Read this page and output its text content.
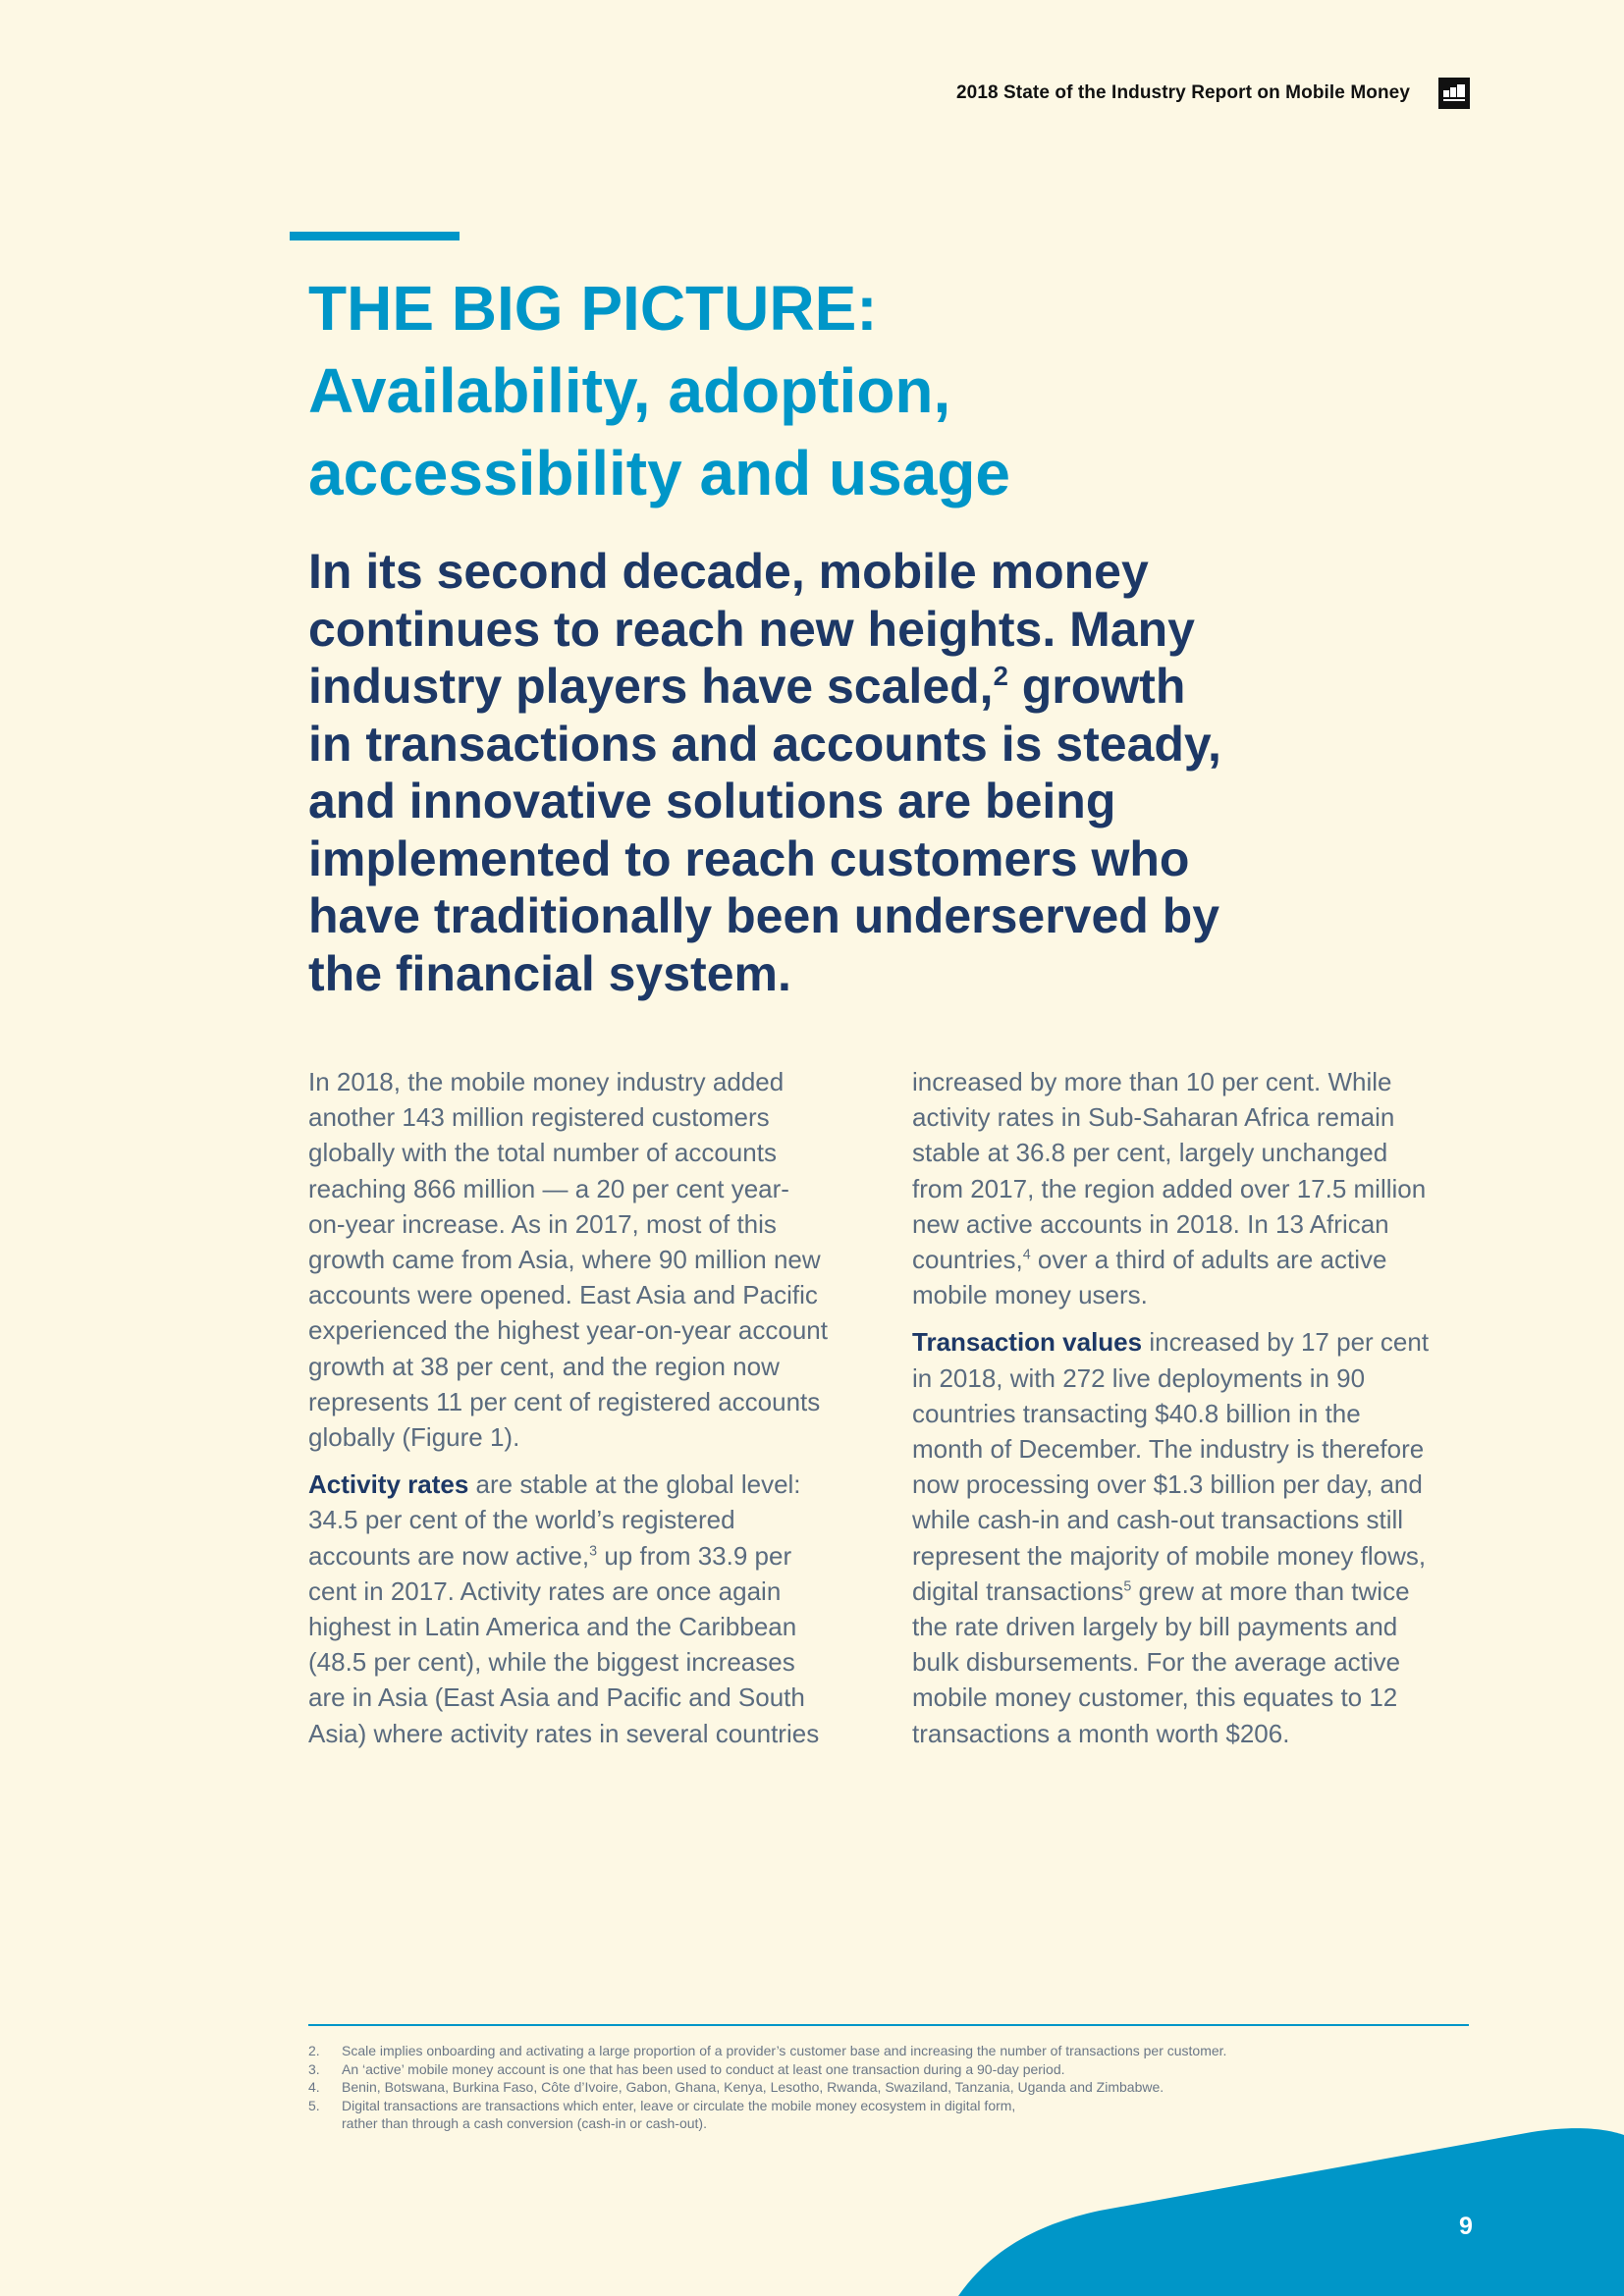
2018 State of the Industry Report on Mobile Money
THE BIG PICTURE:
Availability, adoption,
accessibility and usage
In its second decade, mobile money
continues to reach new heights. Many
industry players have scaled,$^2$ growth
in transactions and accounts is steady,
and innovative solutions are being
implemented to reach customers who
have traditionally been underserved by
the financial system.

In 2018, the mobile money industry added
another 143 million registered customers
globally with the total number of accounts
reaching 866 million — a 20 per cent year-
on-year increase. As in 2017, most of this
growth came from Asia, where 90 million new
accounts were opened. East Asia and Pacific
experienced the highest year-on-year account
growth at 38 per cent, and the region now
represents 11 per cent of registered accounts
globally (Figure 1).

Activity rates are stable at the global level:
34.5 per cent of the world’s registered
accounts are now active,$^3$ up from 33.9 per
cent in 2017. Activity rates are once again
highest in Latin America and the Caribbean
(48.5 per cent), while the biggest increases
are in Asia (East Asia and Pacific and South
Asia) where activity rates in several countries

increased by more than 10 per cent. While
activity rates in Sub-Saharan Africa remain
stable at 36.8 per cent, largely unchanged
from 2017, the region added over 17.5 million
new active accounts in 2018. In 13 African
countries,$^4$ over a third of adults are active
mobile money users.

Transaction values increased by 17 per cent
in 2018, with 272 live deployments in 90
countries transacting $40.8 billion in the
month of December. The industry is therefore
now processing over $1.3 billion per day, and
while cash-in and cash-out transactions still
represent the majority of mobile money flows,
digital transactions$^5$ grew at more than twice
the rate driven largely by bill payments and
bulk disbursements. For the average active
mobile money customer, this equates to 12
transactions a month worth $206.

2.	Scale implies onboarding and activating a large proportion of a provider’s customer base and increasing the number of transactions per customer.
3.	An ‘active’ mobile money account is one that has been used to conduct at least one transaction during a 90-day period.
4.	Benin, Botswana, Burkina Faso, Côte d’Ivoire, Gabon, Ghana, Kenya, Lesotho, Rwanda, Swaziland, Tanzania, Uganda and Zimbabwe.
5.	Digital transactions are transactions which enter, leave or circulate the mobile money ecosystem in digital form,
rather than through a cash conversion (cash-in or cash-out).
9
